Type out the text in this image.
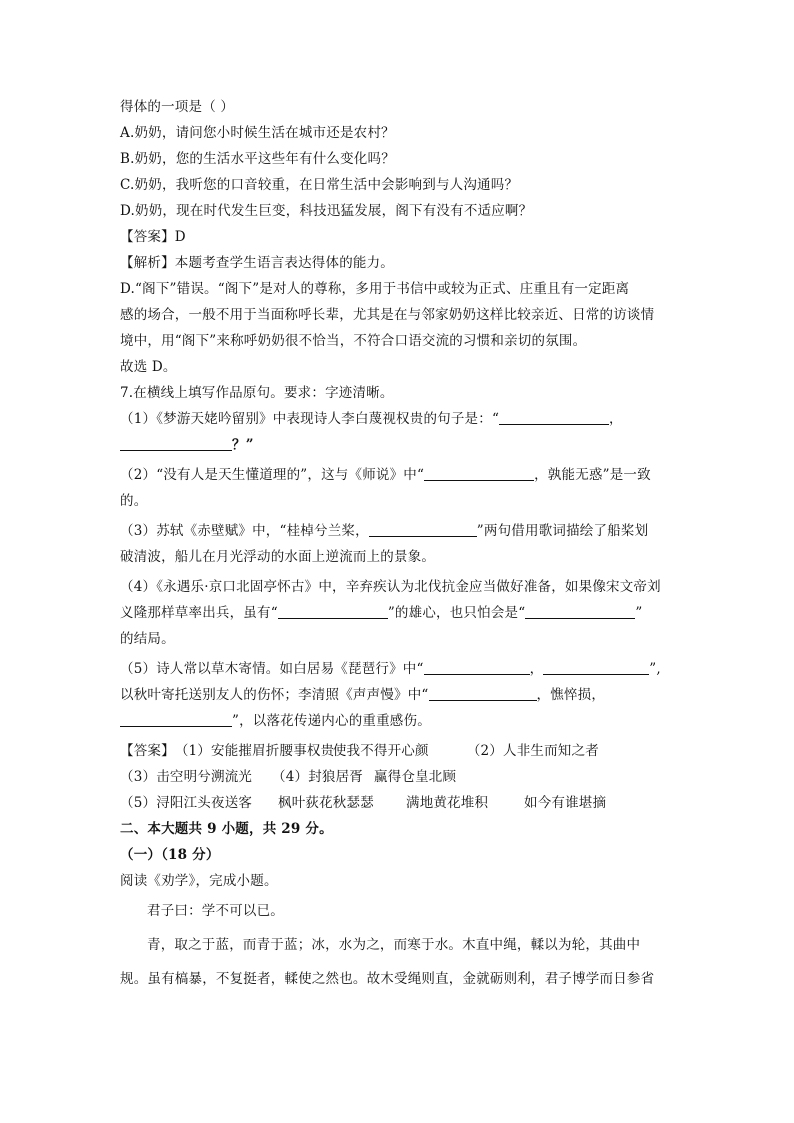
得体的一项是（ ）
A.奶奶，请问您小时候生活在城市还是农村？
B.奶奶，您的生活水平这些年有什么变化吗？
C.奶奶，我听您的口音较重，在日常生活中会影响到与人沟通吗？
D.奶奶，现在时代发生巨变，科技迅猛发展，阁下有没有不适应啊？
【答案】D
【解析】本题考查学生语言表达得体的能力。
D.“阁下”错误。“阁下”是对人的尊称，多用于书信中或较为正式、庄重且有一定距离
感的场合，一般不用于当面称呼长辈，尤其是在与邻家奶奶这样比较亲近、日常的访谈情
境中，用“阁下”来称呼奶奶很不恰当，不符合口语交流的习惯和亲切的氛围。
故选 D。
7.在横线上填写作品原句。要求：字迹清晰。
（1）《梦游天姥吟留别》中表现诗人李白蔑视权贵的句子是：“	，
？”
（2）“没有人是天生懂道理的”，这与《师说》中“	，孰能无惑”是一致
的。
（3）苏轼《赤壁赋》中，“桂棹兮兰桨，	”两句借用歌词描绘了船桨划
破清波，船儿在月光浮动的水面上逆流而上的景象。
（4）《永遇乐·京口北固亭怀古》中，辛弃疾认为北伐抗金应当做好准备，如果像宋文帝刘
义隆那样草率出兵，虽有“	”的雄心，也只怕会是“	”
的结局。
（5）诗人常以草木寄情。如白居易《琵琶行》中“	，	”,
以秋叶寄托送别友人的伤怀；李清照《声声慢》中“	，憔悴损，
”，以落花传递内心的重重感伤。
【答案】（1）安能摧眉折腰事权贵使我不得开心颜	（2）人非生而知之者
（3）击空明兮溯流光 （4）封狼居胥 赢得仓皇北顾
（5）浔阳江头夜送客 枫叶荻花秋瑟瑟 满地黄花堆积	如今有谁堪摘
二、本大题共 9 小题，共 29 分。
（一）（18 分）
阅读《劝学》，完成小题。
君子曰：学不可以已。
青，取之于蓝，而青于蓝；冰，水为之，而寒于水。木直中绳，輮以为轮，其曲中
规。虽有槁暴，不复挺者，輮使之然也。故木受绳则直，金就砺则利，君子博学而日参省
